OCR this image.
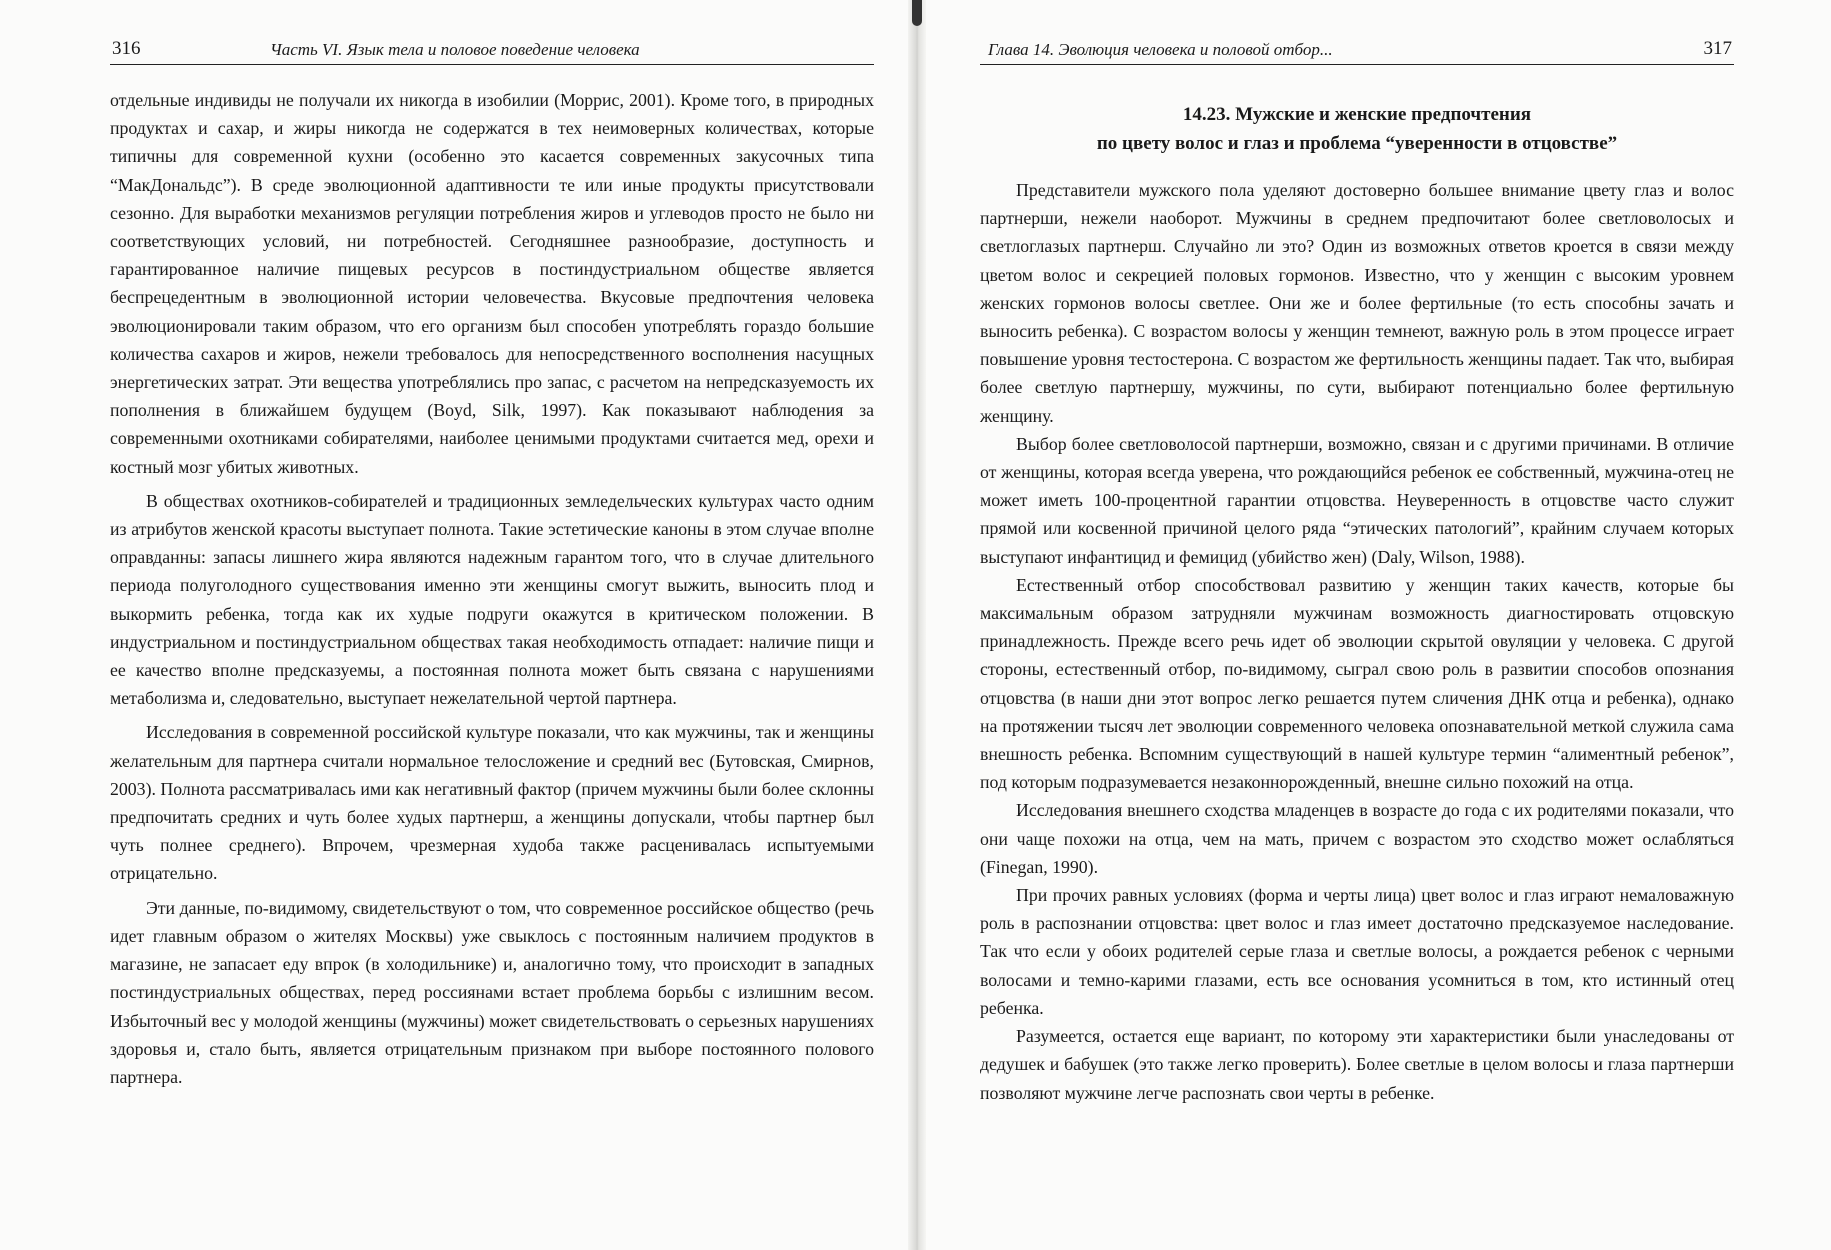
316	Часть VI. Язык тела и половое поведение человека

отдельные индивиды не получали их никогда в изобилии (Моррис, 2001). Кроме того, в природных продуктах и сахар, и жиры никогда не содержатся в тех неимоверных количествах, которые типичны для современной кухни (особенно это касается современных закусочных типа “МакДональдс”). В среде эволюционной адаптивности те или иные продукты присутствовали сезонно. Для выработки механизмов регуляции потребления жиров и углеводов просто не было ни соответствующих условий, ни потребностей. Сегодняшнее разнообразие, доступность и гарантированное наличие пищевых ресурсов в постиндустриальном обществе является беспрецедентным в эволюционной истории человечества. Вкусовые предпочтения человека эволюционировали таким образом, что его организм был способен употреблять гораздо большие количества сахаров и жиров, нежели требовалось для непосредственного восполнения насущных энергетических затрат. Эти вещества употреблялись про запас, с расчетом на непредсказуемость их пополнения в ближайшем будущем (Boyd, Silk, 1997). Как показывают наблюдения за современными охотниками собирателями, наиболее ценимыми продуктами считается мед, орехи и костный мозг убитых животных.

В обществах охотников-собирателей и традиционных земледельческих культурах часто одним из атрибутов женской красоты выступает полнота. Такие эстетические каноны в этом случае вполне оправданны: запасы лишнего жира являются надежным гарантом того, что в случае длительного периода полуголодного существования именно эти женщины смогут выжить, выносить плод и выкормить ребенка, тогда как их худые подруги окажутся в критическом положении. В индустриальном и постиндустриальном обществах такая необходимость отпадает: наличие пищи и ее качество вполне предсказуемы, а постоянная полнота может быть связана с нарушениями метаболизма и, следовательно, выступает нежелательной чертой партнера.

Исследования в современной российской культуре показали, что как мужчины, так и женщины желательным для партнера считали нормальное телосложение и средний вес (Бутовская, Смирнов, 2003). Полнота рассматривалась ими как негативный фактор (причем мужчины были более склонны предпочитать средних и чуть более худых партнерш, а женщины допускали, чтобы партнер был чуть полнее среднего). Впрочем, чрезмерная худоба также расценивалась испытуемыми отрицательно.

Эти данные, по-видимому, свидетельствуют о том, что современное российское общество (речь идет главным образом о жителях Москвы) уже свыклось с постоянным наличием продуктов в магазине, не запасает еду впрок (в холодильнике) и, аналогично тому, что происходит в западных постиндустриальных обществах, перед россиянами встает проблема борьбы с излишним весом. Избыточный вес у молодой женщины (мужчины) может свидетельствовать о серьезных нарушениях здоровья и, стало быть, является отрицательным признаком при выборе постоянного полового партнера.

Глава 14. Эволюция человека и половой отбор...	317
14.23. Мужские и женские предпочтения
по цвету волос и глаз и проблема “уверенности в отцовстве”

Представители мужского пола уделяют достоверно большее внимание цвету глаз и волос партнерши, нежели наоборот. Мужчины в среднем предпочитают более светловолосых и светлоглазых партнерш. Случайно ли это? Один из возможных ответов кроется в связи между цветом волос и секрецией половых гормонов. Известно, что у женщин с высоким уровнем женских гормонов волосы светлее. Они же и более фертильные (то есть способны зачать и выносить ребенка). С возрастом волосы у женщин темнеют, важную роль в этом процессе играет повышение уровня тестостерона. С возрастом же фертильность женщины падает. Так что, выбирая более светлую партнершу, мужчины, по сути, выбирают потенциально более фертильную женщину.

Выбор более светловолосой партнерши, возможно, связан и с другими причинами. В отличие от женщины, которая всегда уверена, что рождающийся ребенок ее собственный, мужчина-отец не может иметь 100-процентной гарантии отцовства. Неуверенность в отцовстве часто служит прямой или косвенной причиной целого ряда “этических патологий”, крайним случаем которых выступают инфантицид и фемицид (убийство жен) (Daly, Wilson, 1988).

Естественный отбор способствовал развитию у женщин таких качеств, которые бы максимальным образом затрудняли мужчинам возможность диагностировать отцовскую принадлежность. Прежде всего речь идет об эволюции скрытой овуляции у человека. С другой стороны, естественный отбор, по-видимому, сыграл свою роль в развитии способов опознания отцовства (в наши дни этот вопрос легко решается путем сличения ДНК отца и ребенка), однако на протяжении тысяч лет эволюции современного человека опознавательной меткой служила сама внешность ребенка. Вспомним существующий в нашей культуре термин “алиментный ребенок”, под которым подразумевается незаконнорожденный, внешне сильно похожий на отца.

Исследования внешнего сходства младенцев в возрасте до года с их родителями показали, что они чаще похожи на отца, чем на мать, причем с возрастом это сходство может ослабляться (Finegan, 1990).

При прочих равных условиях (форма и черты лица) цвет волос и глаз играют немаловажную роль в распознании отцовства: цвет волос и глаз имеет достаточно предсказуемое наследование. Так что если у обоих родителей серые глаза и светлые волосы, а рождается ребенок с черными волосами и темно-карими глазами, есть все основания усомниться в том, кто истинный отец ребенка.

Разумеется, остается еще вариант, по которому эти характеристики были унаследованы от дедушек и бабушек (это также легко проверить). Более светлые в целом волосы и глаза партнерши позволяют мужчине легче распознать свои черты в ребенке.
